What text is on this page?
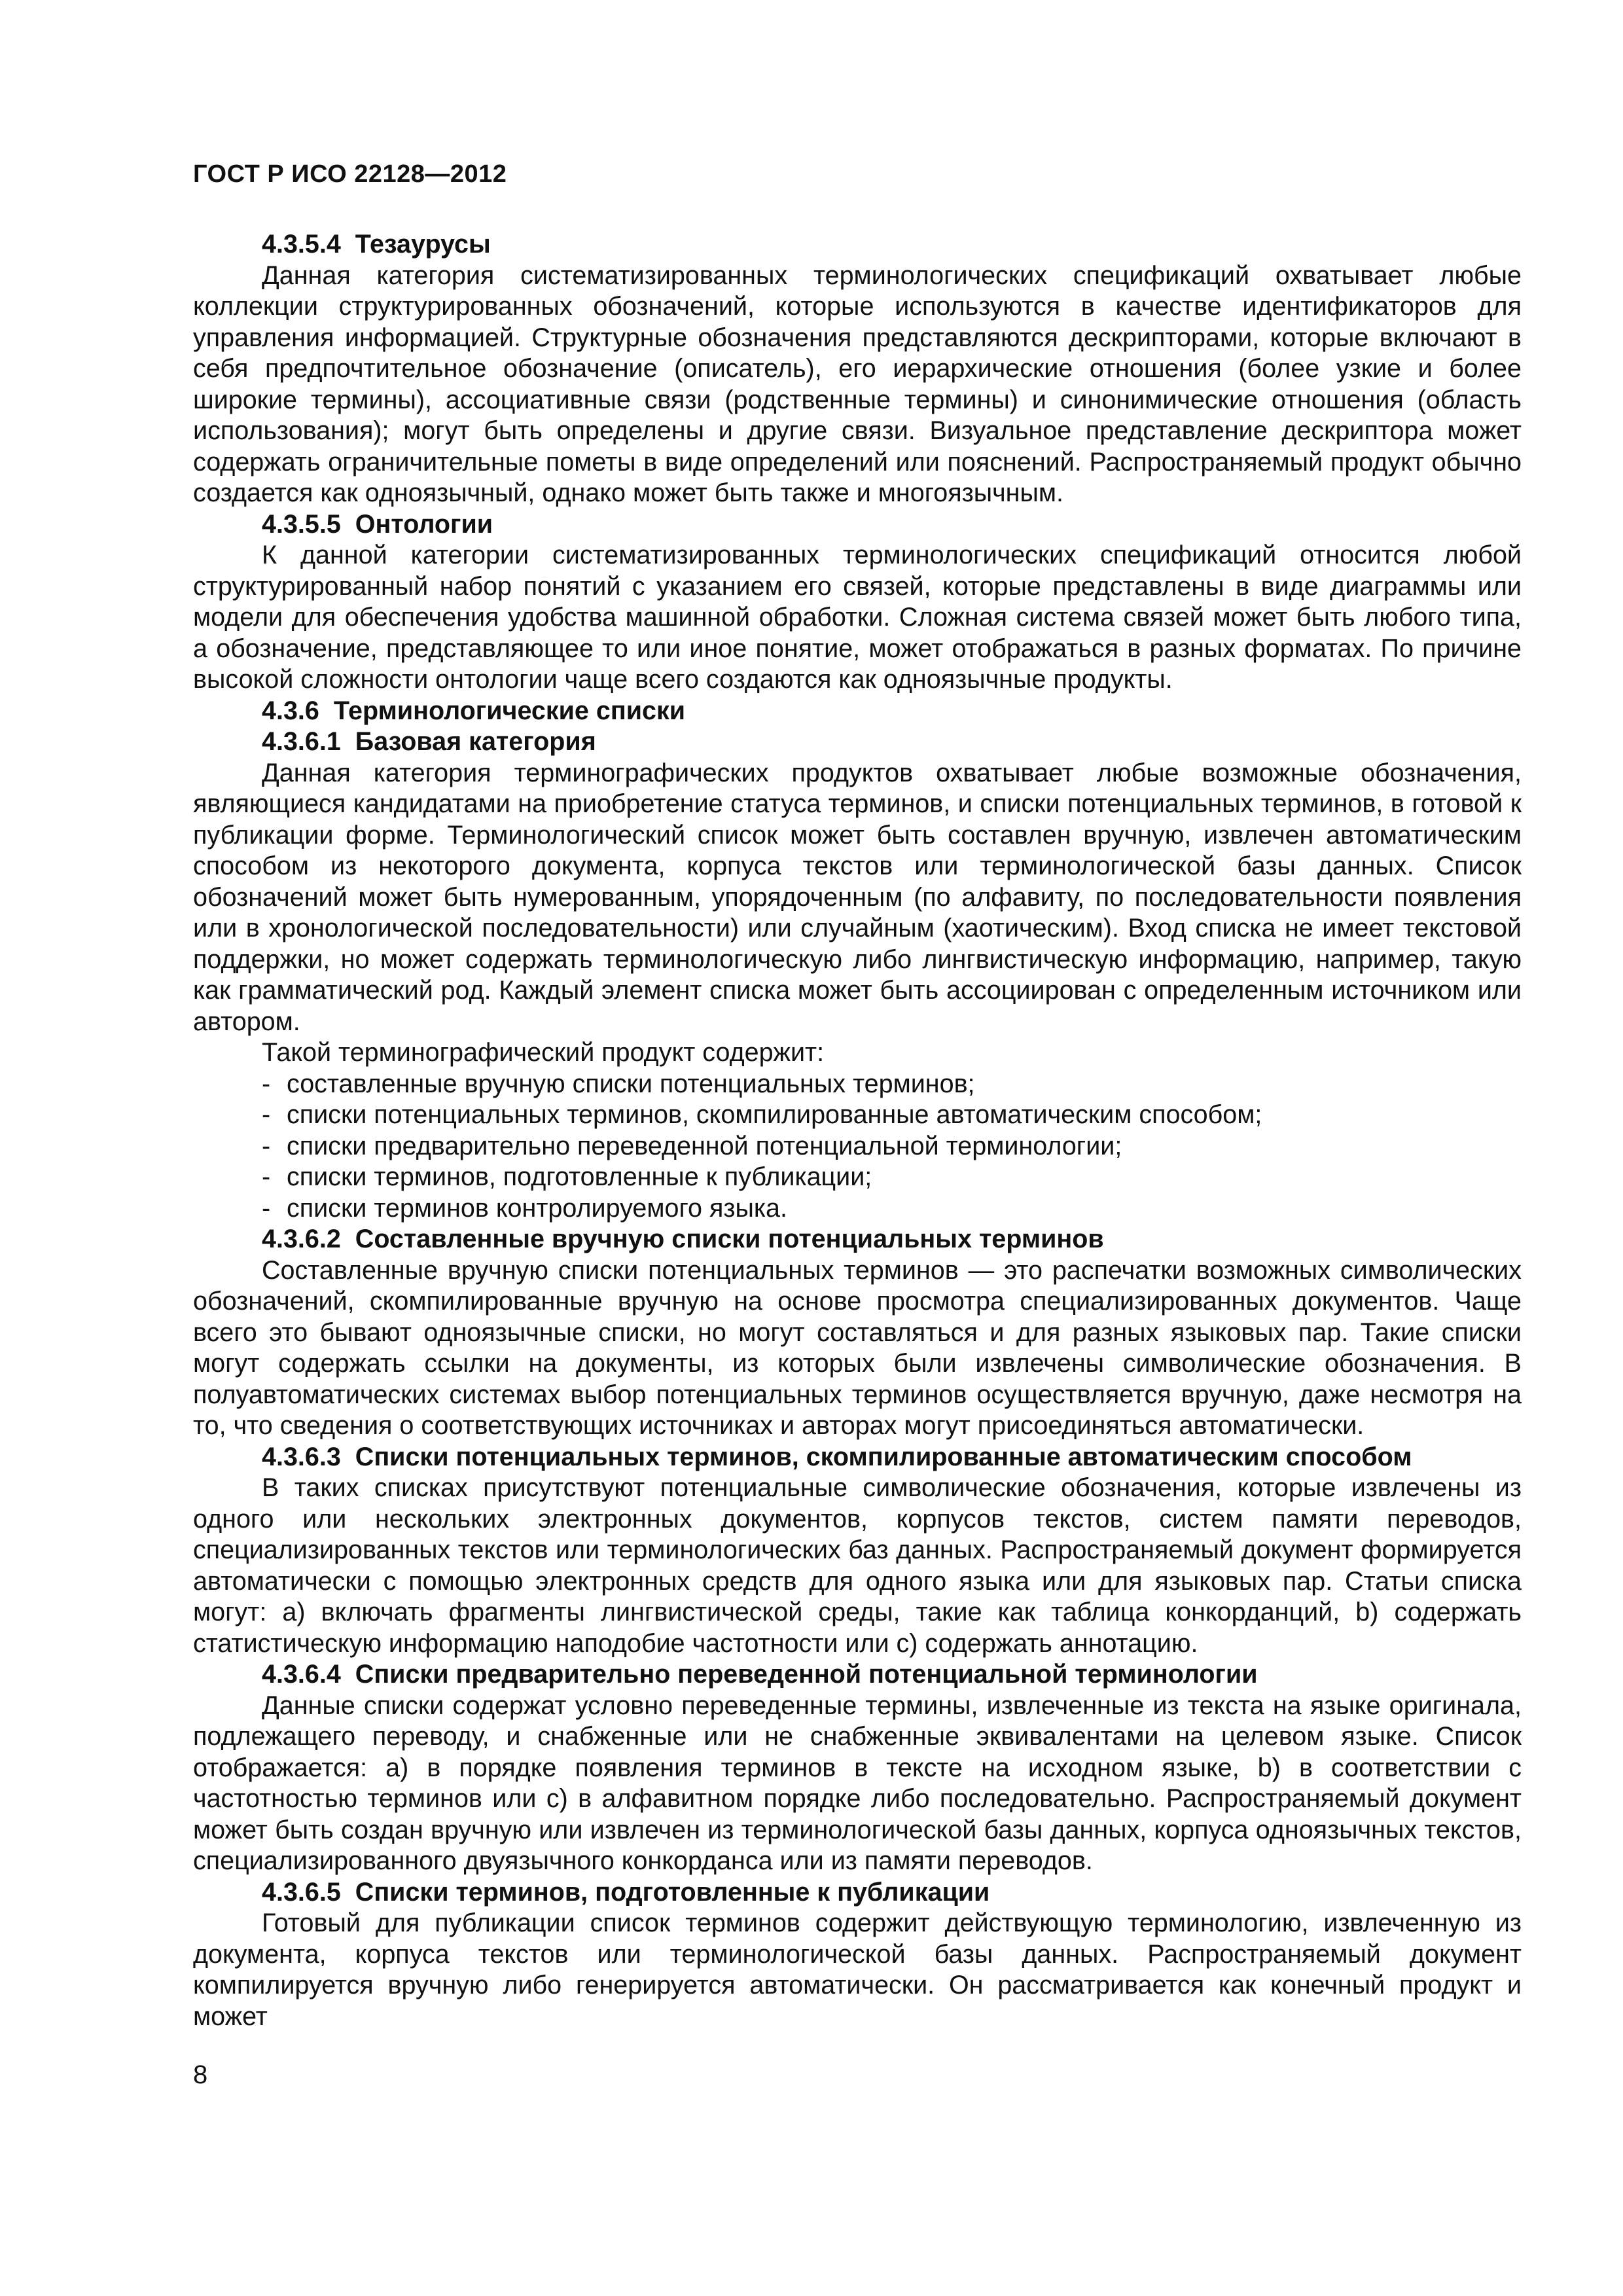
ГОСТ Р ИСО 22128—2012
4.3.5.4 Тезаурусы

Данная категория систематизированных терминологических спецификаций охватывает любые коллекции структурированных обозначений, которые используются в качестве идентификаторов для управления информацией. Структурные обозначения представляются дескрипторами, которые включают в себя предпочтительное обозначение (описатель), его иерархические отношения (более узкие и более широкие термины), ассоциативные связи (родственные термины) и синонимические отношения (область использования); могут быть определены и другие связи. Визуальное представление дескриптора может содержать ограничительные пометы в виде определений или пояснений. Распространяемый продукт обычно создается как одноязычный, однако может быть также и многоязычным.

4.3.5.5 Онтологии

К данной категории систематизированных терминологических спецификаций относится любой структурированный набор понятий с указанием его связей, которые представлены в виде диаграммы или модели для обеспечения удобства машинной обработки. Сложная система связей может быть любого типа, а обозначение, представляющее то или иное понятие, может отображаться в разных форматах. По причине высокой сложности онтологии чаще всего создаются как одноязычные продукты.

4.3.6 Терминологические списки
4.3.6.1 Базовая категория

Данная категория терминографических продуктов охватывает любые возможные обозначения, являющиеся кандидатами на приобретение статуса терминов, и списки потенциальных терминов, в готовой к публикации форме. Терминологический список может быть составлен вручную, извлечен автоматическим способом из некоторого документа, корпуса текстов или терминологической базы данных. Список обозначений может быть нумерованным, упорядоченным (по алфавиту, по последовательности появления или в хронологической последовательности) или случайным (хаотическим). Вход списка не имеет текстовой поддержки, но может содержать терминологическую либо лингвистическую информацию, например, такую как грамматический род. Каждый элемент списка может быть ассоциирован с определенным источником или автором.

Такой терминографический продукт содержит:

- составленные вручную списки потенциальных терминов;
- списки потенциальных терминов, скомпилированные автоматическим способом;
- списки предварительно переведенной потенциальной терминологии;
- списки терминов, подготовленные к публикации;
- списки терминов контролируемого языка.
4.3.6.2 Составленные вручную списки потенциальных терминов

Составленные вручную списки потенциальных терминов — это распечатки возможных символических обозначений, скомпилированные вручную на основе просмотра специализированных документов. Чаще всего это бывают одноязычные списки, но могут составляться и для разных языковых пар. Такие списки могут содержать ссылки на документы, из которых были извлечены символические обозначения. В полуавтоматических системах выбор потенциальных терминов осуществляется вручную, даже несмотря на то, что сведения о соответствующих источниках и авторах могут присоединяться автоматически.

4.3.6.3 Списки потенциальных терминов, скомпилированные автоматическим способом

В таких списках присутствуют потенциальные символические обозначения, которые извлечены из одного или нескольких электронных документов, корпусов текстов, систем памяти переводов, специализированных текстов или терминологических баз данных. Распространяемый документ формируется автоматически с помощью электронных средств для одного языка или для языковых пар. Статьи списка могут: a) включать фрагменты лингвистической среды, такие как таблица конкорданций, b) содержать статистическую информацию наподобие частотности или c) содержать аннотацию.

4.3.6.4 Списки предварительно переведенной потенциальной терминологии

Данные списки содержат условно переведенные термины, извлеченные из текста на языке оригинала, подлежащего переводу, и снабженные или не снабженные эквивалентами на целевом языке. Список отображается: a) в порядке появления терминов в тексте на исходном языке, b) в соответствии с частотностью терминов или c) в алфавитном порядке либо последовательно. Распространяемый документ может быть создан вручную или извлечен из терминологической базы данных, корпуса одноязычных текстов, специализированного двуязычного конкорданса или из памяти переводов.

4.3.6.5 Списки терминов, подготовленные к публикации

Готовый для публикации список терминов содержит действующую терминологию, извлеченную из документа, корпуса текстов или терминологической базы данных. Распространяемый документ компилируется вручную либо генерируется автоматически. Он рассматривается как конечный продукт и может

8
